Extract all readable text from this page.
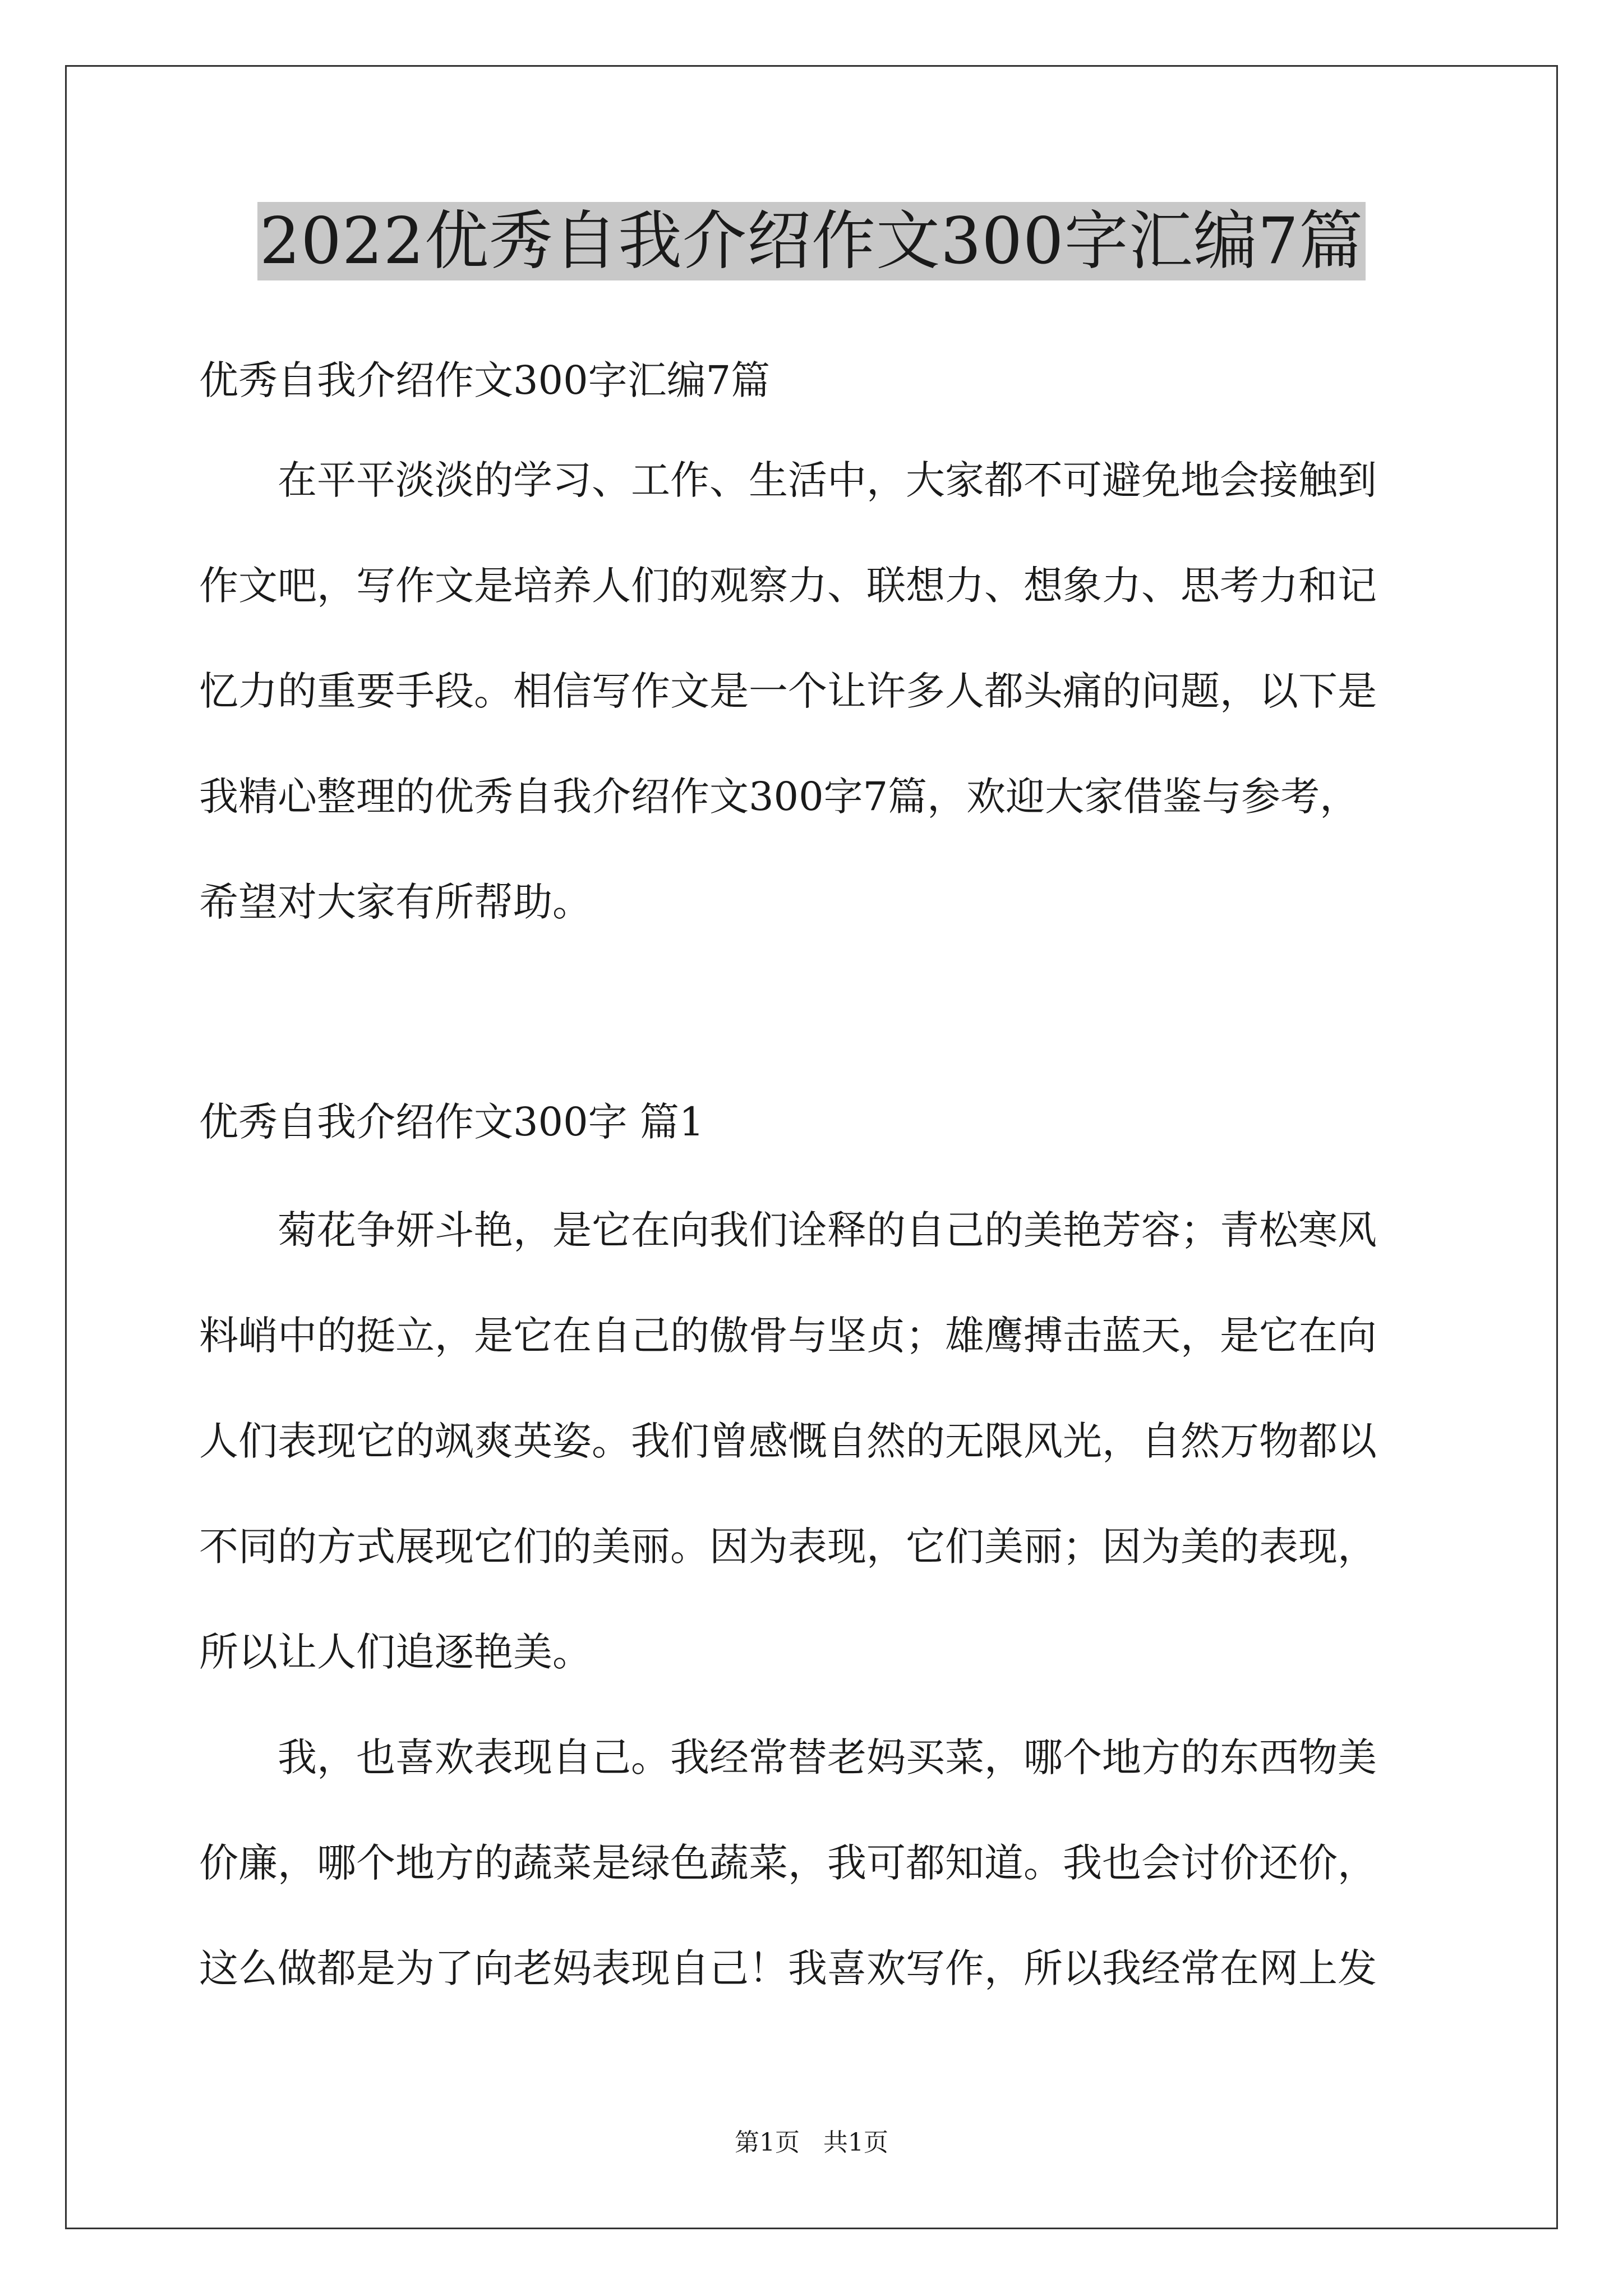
2022优秀自我介绍作文300字汇编7篇
优秀自我介绍作文300字汇编7篇
在平平淡淡的学习、工作、生活中，大家都不可避免地会接触到
作文吧，写作文是培养人们的观察力、联想力、想象力、思考力和记
忆力的重要手段。相信写作文是一个让许多人都头痛的问题，以下是
我精心整理的优秀自我介绍作文300字7篇，欢迎大家借鉴与参考，
希望对大家有所帮助。
优秀自我介绍作文300字 篇1
菊花争妍斗艳，是它在向我们诠释的自己的美艳芳容；青松寒风
料峭中的挺立，是它在自己的傲骨与坚贞；雄鹰搏击蓝天，是它在向
人们表现它的飒爽英姿。我们曾感慨自然的无限风光，自然万物都以
不同的方式展现它们的美丽。因为表现，它们美丽；因为美的表现，
所以让人们追逐艳美。
我，也喜欢表现自己。我经常替老妈买菜，哪个地方的东西物美
价廉，哪个地方的蔬菜是绿色蔬菜，我可都知道。我也会讨价还价，
这么做都是为了向老妈表现自己！我喜欢写作，所以我经常在网上发
第1页   共1页
